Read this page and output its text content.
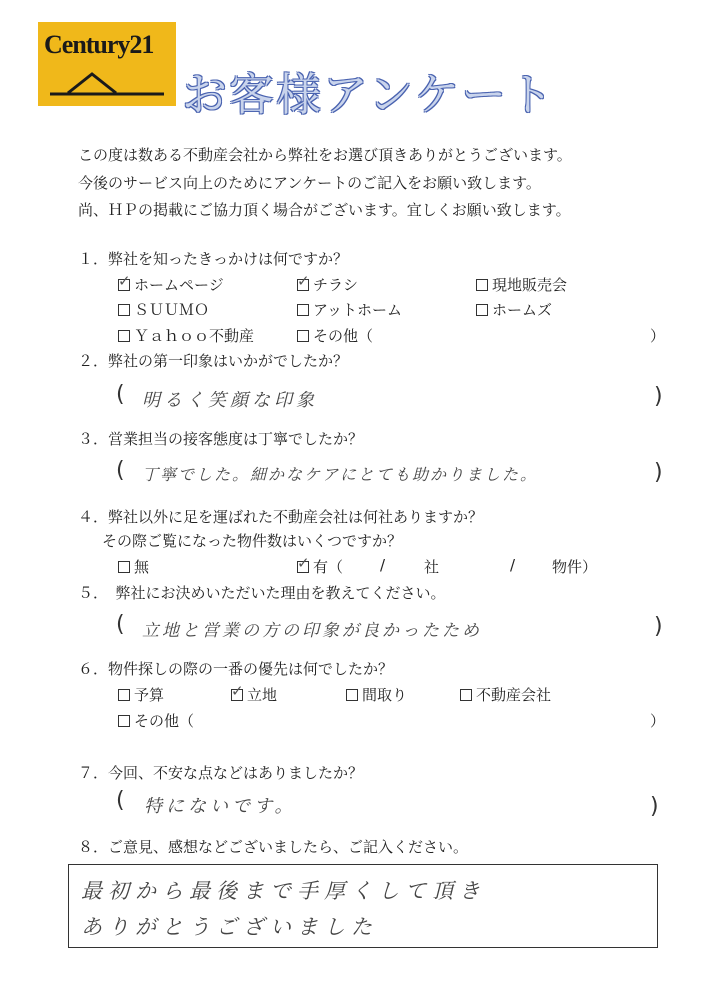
Century21
お客様アンケート
この度は数ある不動産会社から弊社をお選び頂きありがとうございます。
今後のサービス向上のためにアンケートのご記入をお願い致します。
尚、ＨＰの掲載にご協力頂く場合がございます。宜しくお願い致します。
１．弊社を知ったきっかけは何ですか？
✓ホームページ ✓	チラシ	現地販売会
ＳＵＵＭＯ	アットホーム	ホームズ
Ｙａｈｏｏ不動産	その他（	）
２．弊社の第一印象はいかがでしたか？
( 明るく笑顔な印象	)
３．営業担当の接客態度は丁寧でしたか？
( 丁寧でした。細かなケアにとても助かりました。	)
４．弊社以外に足を運ばれた不動産会社は何社ありますか？
その際ご覧になった物件数はいくつですか？
無 ✓	有（ /	社	/ 物件）
５．　弊社にお決めいただいた理由を教えてください。
( 立地と営業の方の印象が良かったため	)
６．物件探しの際の一番の優先は何でしたか？
予算 ✓	立地	間取り	不動産会社
その他（	）
７．今回、不安な点などはありましたか？
( 特にないです。	)
８．ご意見、感想などございましたら、ご記入ください。
最初から最後まで手厚くして頂き
ありがとうございました
